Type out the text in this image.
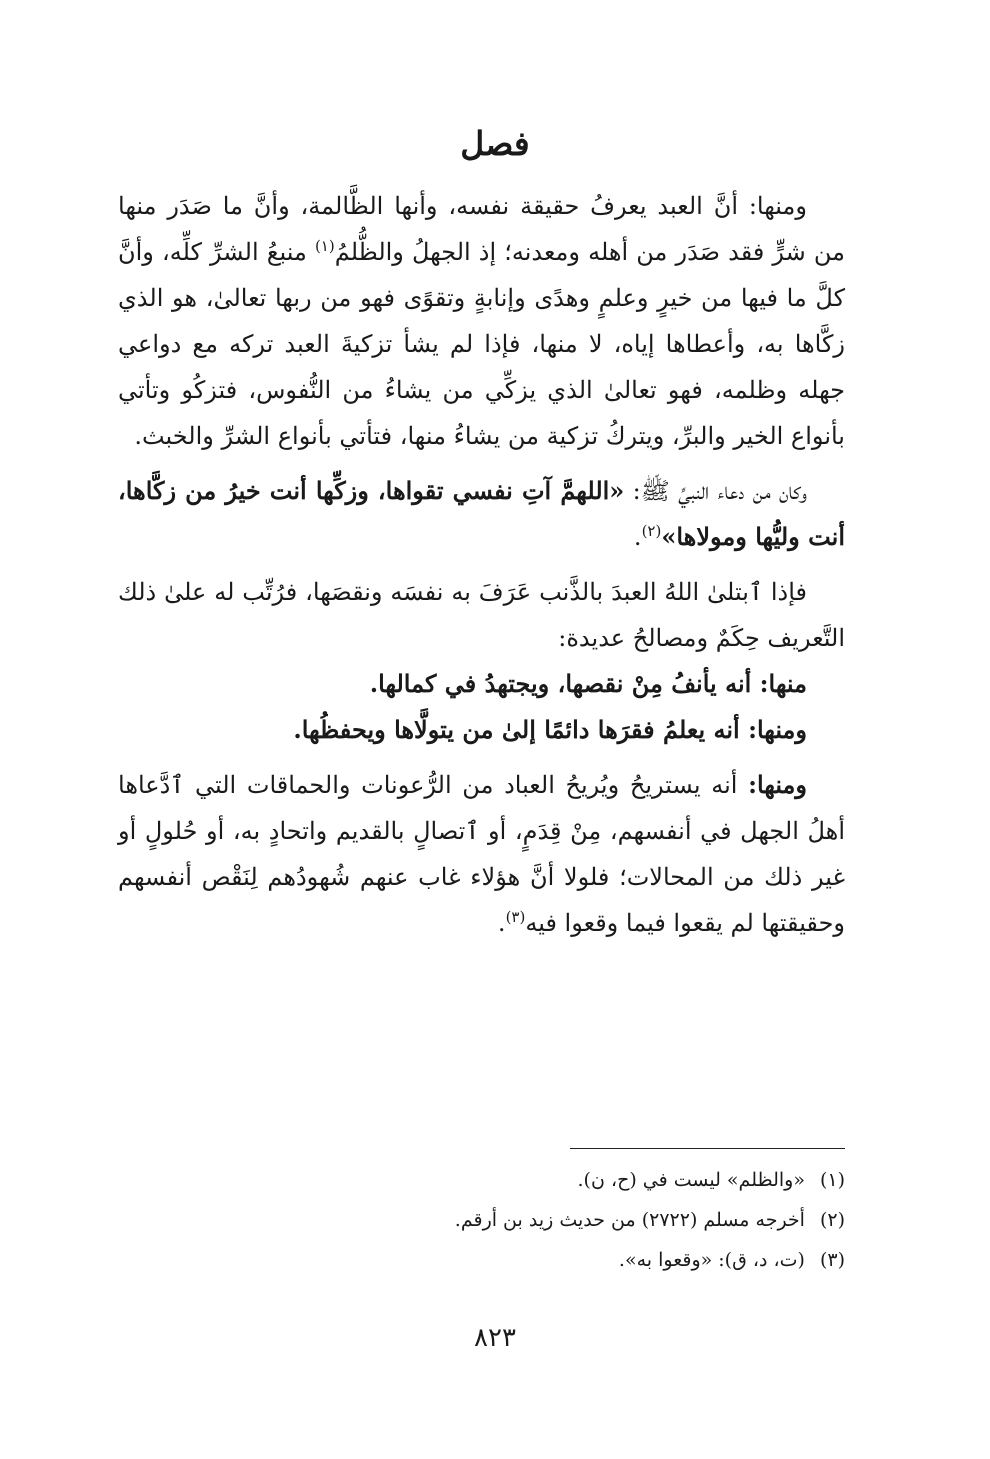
فصل

ومنها: أنَّ العبد يعرفُ حقيقة نفسه، وأنها الظَّالمة، وأنَّ ما صَدَر منها من شرٍّ فقد صَدَر من أهله ومعدنه؛ إذ الجهلُ والظُّلمُ$^{(١)}$ منبعُ الشرِّ كلِّه، وأنَّ كلَّ ما فيها من خيرٍ وعلمٍ وهدًى وإنابةٍ وتقوًى فهو من ربها تعالىٰ، هو الذي زكَّاها به، وأعطاها إياه، لا منها، فإذا لم يشأ تزكيةَ العبد تركه مع دواعي جهله وظلمه، فهو تعالىٰ الذي يزكِّي من يشاءُ من النُّفوس، فتزكُو وتأتي بأنواع الخير والبرِّ، ويتركُ تزكية من يشاءُ منها، فتأتي بأنواع الشرِّ والخبث.

وكان من دعاء النبيِّ ﷺ: «اللهمَّ آتِ نفسي تقواها، وزكِّها أنت خيرُ من زكَّاها، أنت وليُّها ومولاها»$^{(٢)}$.

فإذا ٱبتلىٰ اللهُ العبدَ بالذَّنب عَرَفَ به نفسَه ونقصَها، فرُتِّب له علىٰ ذلك التَّعريف حِكَمٌ ومصالحُ عديدة:

منها: أنه يأنفُ مِنْ نقصها، ويجتهدُ في كمالها.

ومنها: أنه يعلمُ فقرَها دائمًا إلىٰ من يتولَّاها ويحفظُها.

ومنها: أنه يستريحُ ويُريحُ العباد من الرُّعونات والحماقات التي ٱدَّعاها أهلُ الجهل في أنفسهم، مِنْ قِدَمٍ، أو ٱتصالٍ بالقديم واتحادٍ به، أو حُلولٍ أو غير ذلك من المحالات؛ فلولا أنَّ هؤلاء غاب عنهم شُهودُهم لِنَقْص أنفسهم وحقيقتها لم يقعوا فيما وقعوا فيه$^{(٣)}$.

(١) «والظلم» ليست في (ح، ن).

(٢) أخرجه مسلم (٢٧٢٢) من حديث زيد بن أرقم.

(٣) (ت، د، ق): «وقعوا به».

٨٢٣
